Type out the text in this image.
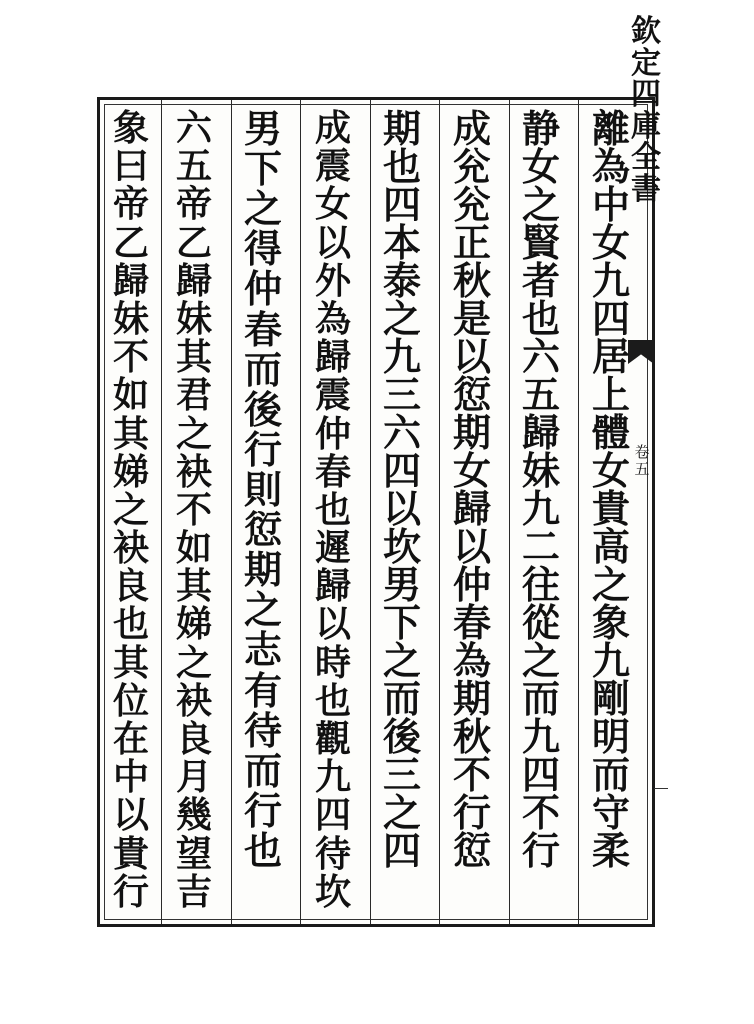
欽
定
四
庫
全
書
卷五
離
為
中
女
九
四
居
上
體
女
貴
高
之
象
九
剛
明
而
守
柔
静
女
之
賢
者
也
六
五
歸
妹
九
二
往
從
之
而
九
四
不
行
成
兊
兊
正
秋
是
以
愆
期
女
歸
以
仲
春
為
期
秋
不
行
愆
期
也
四
本
泰
之
九
三
六
四
以
坎
男
下
之
而
後
三
之
四
成
震
女
以
外
為
歸
震
仲
春
也
遲
歸
以
時
也
觀
九
四
待
坎
男
下
之
得
仲
春
而
後
行
則
愆
期
之
志
有
待
而
行
也
六
五
帝
乙
歸
妹
其
君
之
袂
不
如
其
娣
之
袂
良
月
幾
望
吉
象
曰
帝
乙
歸
妹
不
如
其
娣
之
袂
良
也
其
位
在
中
以
貴
行
